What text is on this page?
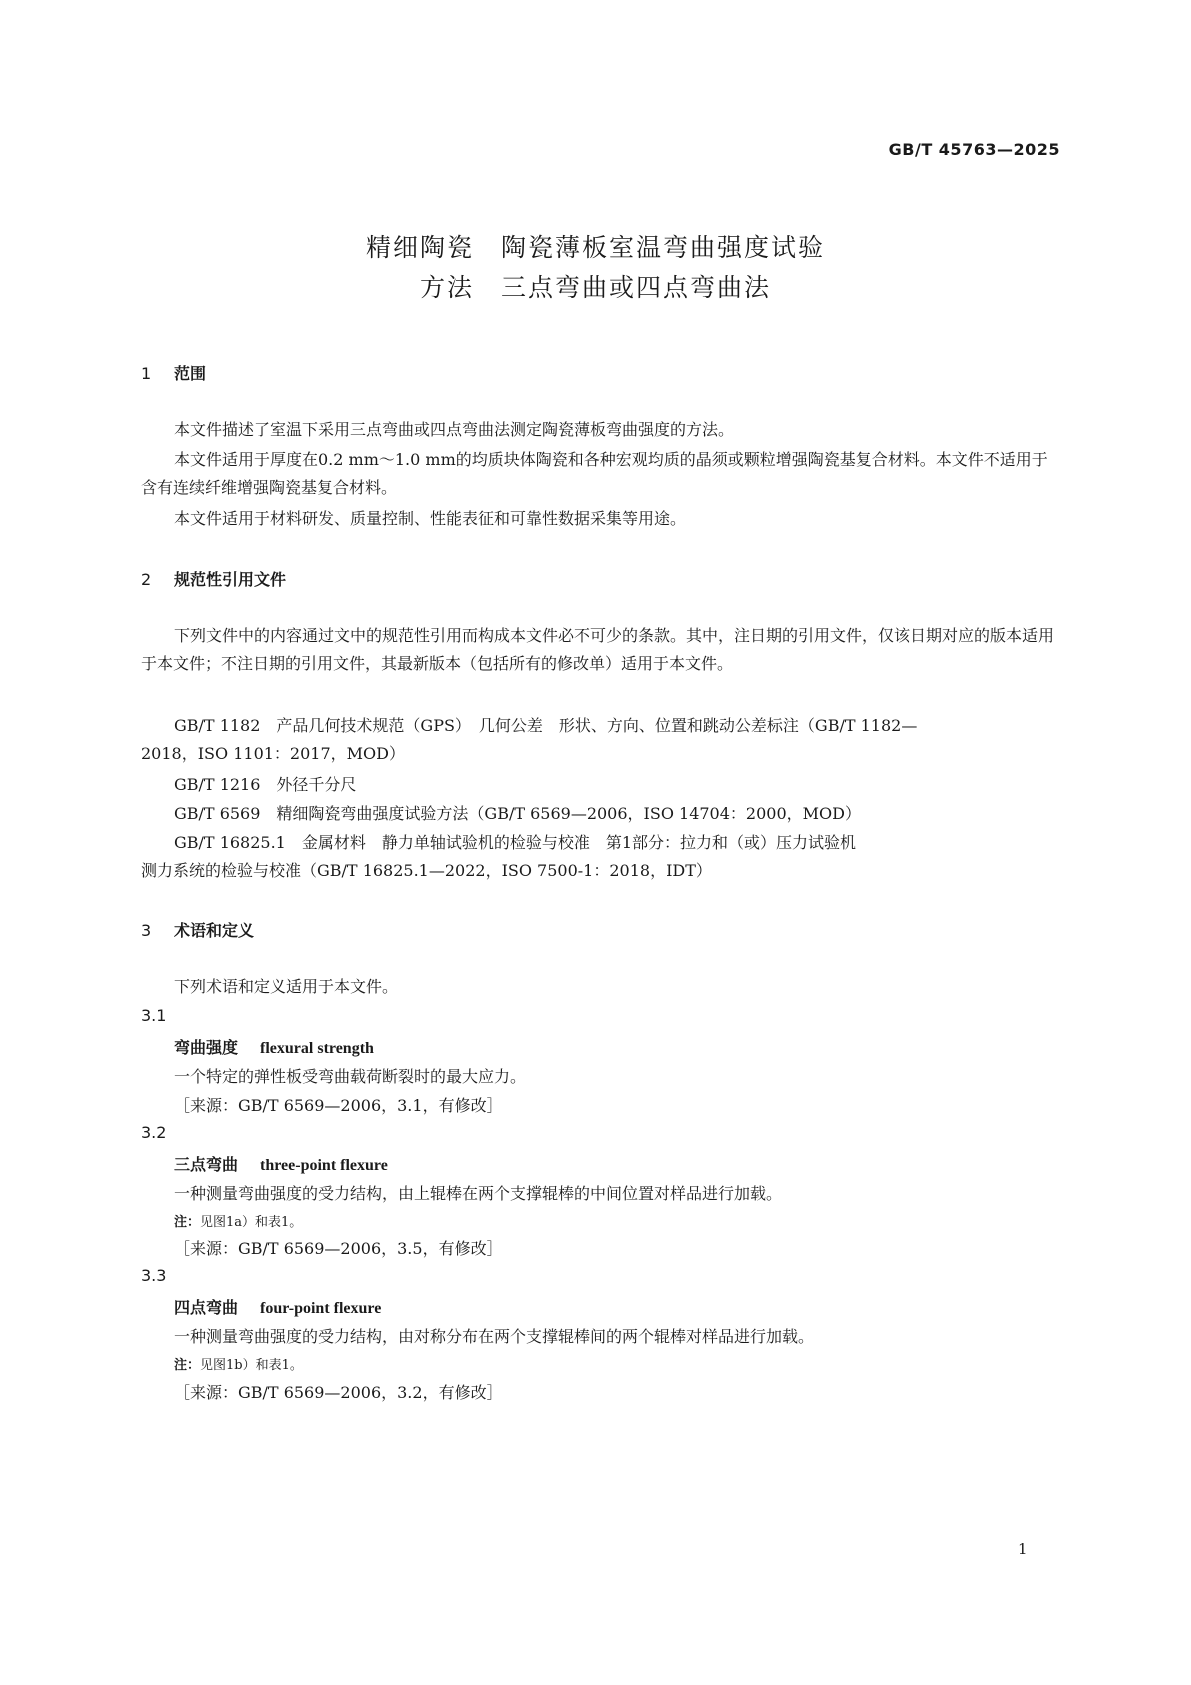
GB/T 45763—2025
精细陶瓷　陶瓷薄板室温弯曲强度试验
方法　三点弯曲或四点弯曲法
1 范围

本文件描述了室温下采用三点弯曲或四点弯曲法测定陶瓷薄板弯曲强度的方法。

本文件适用于厚度在0.2 mm～1.0 mm的均质块体陶瓷和各种宏观均质的晶须或颗粒增强陶瓷基复合材料。本文件不适用于含有连续纤维增强陶瓷基复合材料。

本文件适用于材料研发、质量控制、性能表征和可靠性数据采集等用途。

2 规范性引用文件

下列文件中的内容通过文中的规范性引用而构成本文件必不可少的条款。其中，注日期的引用文件，仅该日期对应的版本适用于本文件；不注日期的引用文件，其最新版本（包括所有的修改单）适用于本文件。

GB/T 1182　产品几何技术规范（GPS）　几何公差　形状、方向、位置和跳动公差标注（GB/T 1182—
2018，ISO 1101：2017，MOD）
GB/T 1216　外径千分尺
GB/T 6569　精细陶瓷弯曲强度试验方法（GB/T 6569—2006，ISO 14704：2000，MOD）
GB/T 16825.1　金属材料　静力单轴试验机的检验与校准　第1部分：拉力和（或）压力试验机
测力系统的检验与校准（GB/T 16825.1—2022，ISO 7500-1：2018，IDT）
3 术语和定义
下列术语和定义适用于本文件。
3.1
弯曲强度 flexural strength
一个特定的弹性板受弯曲载荷断裂时的最大应力。
［来源：GB/T 6569—2006，3.1，有修改］
3.2
三点弯曲 three-point flexure
一种测量弯曲强度的受力结构，由上辊棒在两个支撑辊棒的中间位置对样品进行加载。
注：见图1a）和表1。
［来源：GB/T 6569—2006，3.5，有修改］
3.3
四点弯曲 four-point flexure
一种测量弯曲强度的受力结构，由对称分布在两个支撑辊棒间的两个辊棒对样品进行加载。
注：见图1b）和表1。
［来源：GB/T 6569—2006，3.2，有修改］
1
